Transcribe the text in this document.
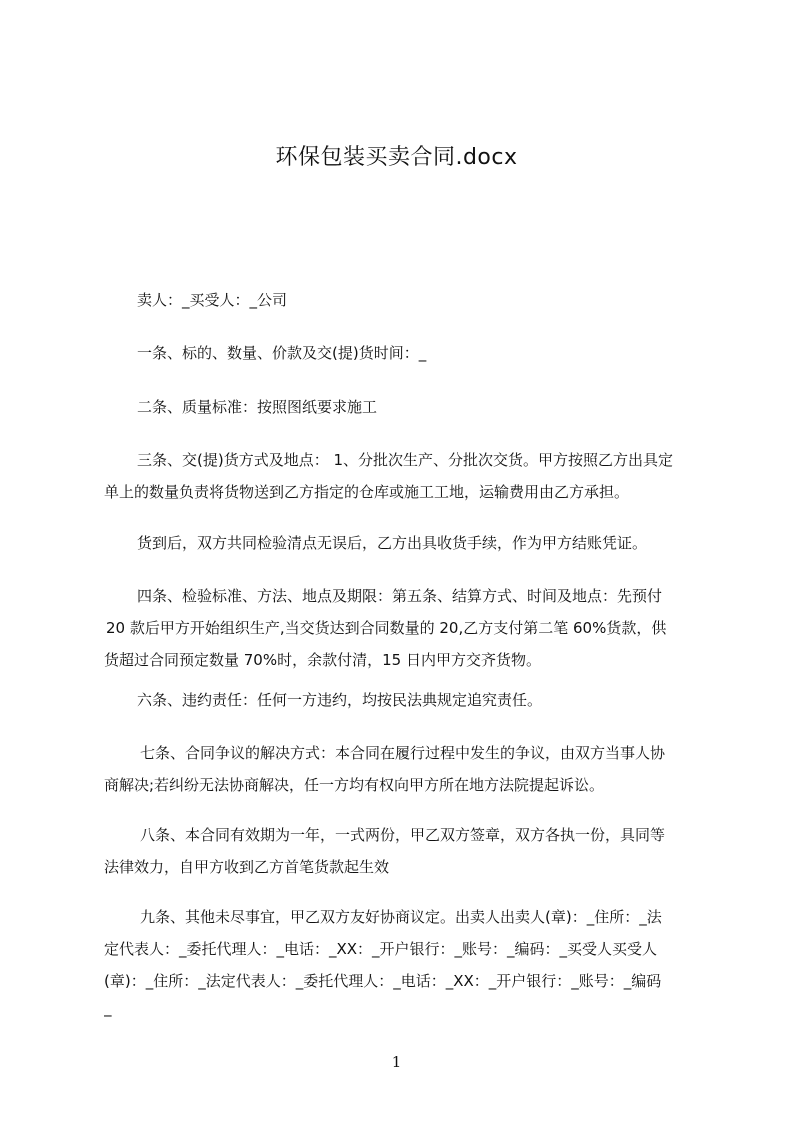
环保包装买卖合同.docx

卖人：_买受人：_公司

一条、标的、数量、价款及交(提)货时间：_

二条、质量标准：按照图纸要求施工

三条、交(提)货方式及地点： 1、分批次生产、分批次交货。甲方按照乙方出具定
单上的数量负责将货物送到乙方指定的仓库或施工工地，运输费用由乙方承担。

货到后，双方共同检验清点无误后，乙方出具收货手续，作为甲方结账凭证。

四条、检验标准、方法、地点及期限：第五条、结算方式、时间及地点：先预付
20 款后甲方开始组织生产,当交货达到合同数量的 20,乙方支付第二笔 60%货款，供
货超过合同预定数量 70%时，余款付清，15 日内甲方交齐货物。

六条、违约责任：任何一方违约，均按民法典规定追究责任。

七条、合同争议的解决方式：本合同在履行过程中发生的争议，由双方当事人协
商解决;若纠纷无法协商解决，任一方均有权向甲方所在地方法院提起诉讼。

八条、本合同有效期为一年，一式两份，甲乙双方签章，双方各执一份，具同等
法律效力，自甲方收到乙方首笔货款起生效

九条、其他未尽事宜，甲乙双方友好协商议定。出卖人出卖人(章)：_住所：_法
定代表人：_委托代理人：_电话：_XX：_开户银行：_账号：_编码：_买受人买受人
(章)：_住所：_法定代表人：_委托代理人：_电话：_XX：_开户银行：_账号：_编码
_

1
